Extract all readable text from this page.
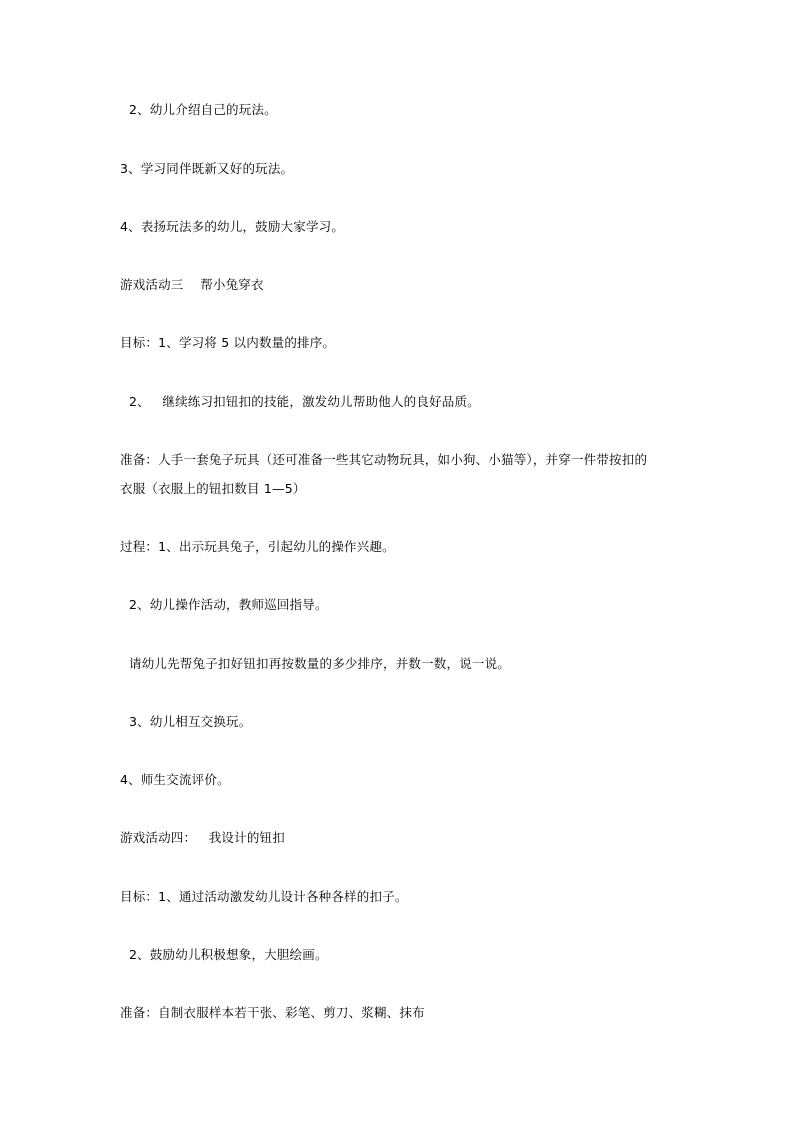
2、幼儿介绍自己的玩法。
3、学习同伴既新又好的玩法。
4、表扬玩法多的幼儿，鼓励大家学习。
游戏活动三    帮小兔穿衣
目标：1、学习将 5 以内数量的排序。
2、   继续练习扣钮扣的技能，激发幼儿帮助他人的良好品质。
准备：人手一套兔子玩具（还可准备一些其它动物玩具，如小狗、小猫等），并穿一件带按扣的
衣服（衣服上的钮扣数目 1—5）
过程：1、出示玩具兔子，引起幼儿的操作兴趣。
2、幼儿操作活动，教师巡回指导。
请幼儿先帮兔子扣好钮扣再按数量的多少排序，并数一数，说一说。
3、幼儿相互交换玩。
4、师生交流评价。
游戏活动四：   我设计的钮扣
目标：1、通过活动激发幼儿设计各种各样的扣子。
2、鼓励幼儿积极想象，大胆绘画。
准备：自制衣服样本若干张、彩笔、剪刀、浆糊、抹布
